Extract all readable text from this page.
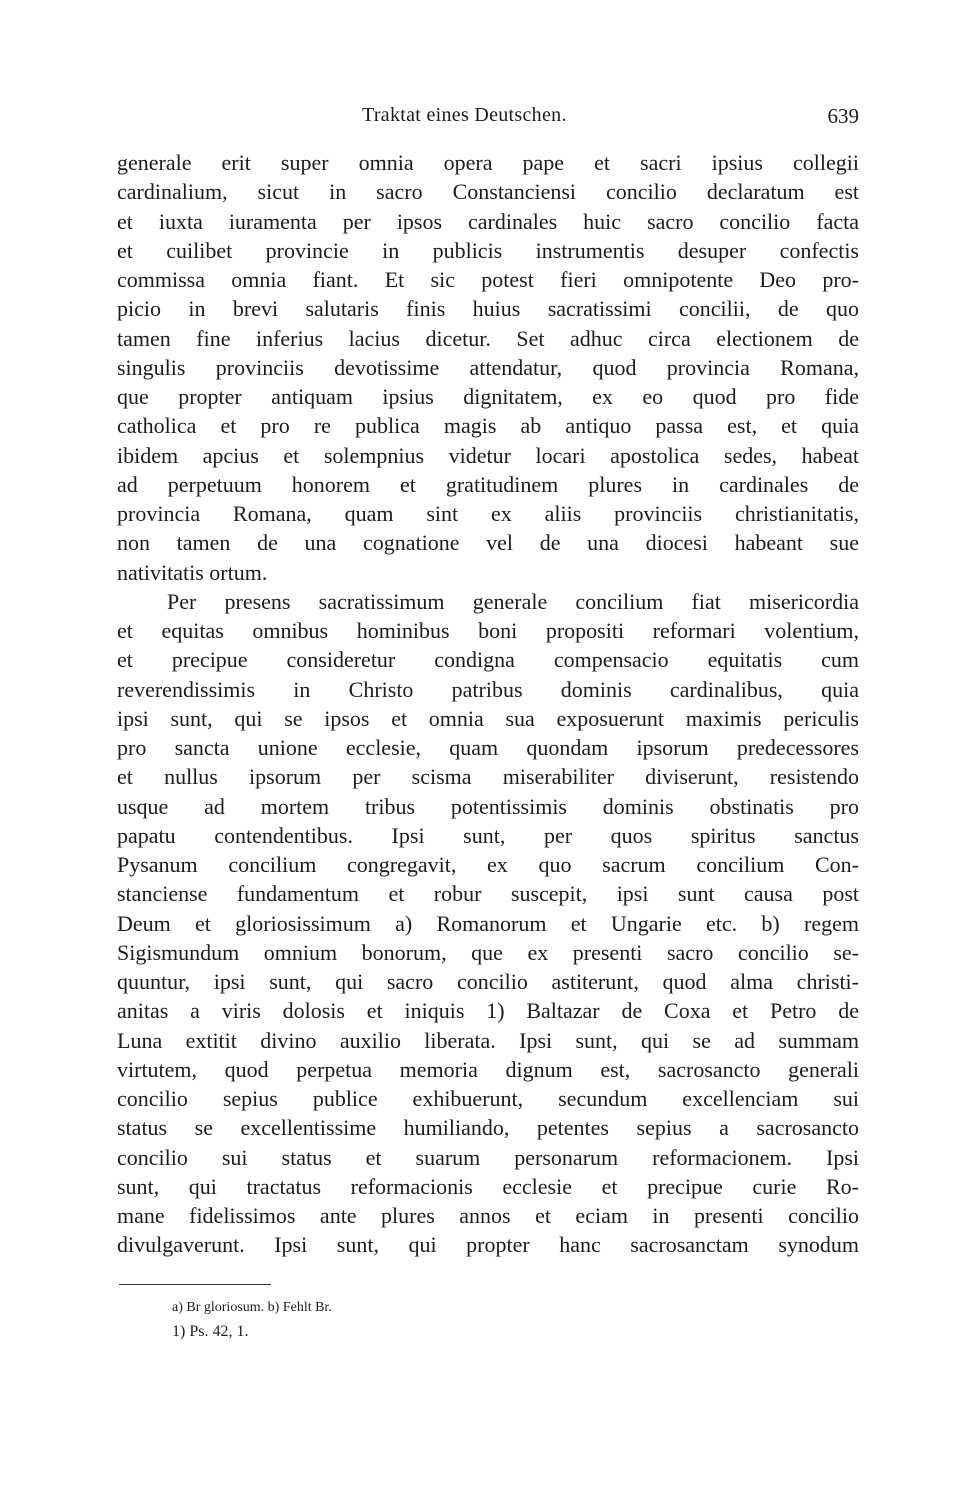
Traktat eines Deutschen.	639
generale erit super omnia opera pape et sacri ipsius collegii
cardinalium, sicut in sacro Constanciensi concilio declaratum est
et iuxta iuramenta per ipsos cardinales huic sacro concilio facta
et cuilibet provincie in publicis instrumentis desuper confectis
commissa omnia fiant. Et sic potest fieri omnipotente Deo pro-
picio in brevi salutaris finis huius sacratissimi concilii, de quo
tamen fine inferius lacius dicetur. Set adhuc circa electionem de
singulis provinciis devotissime attendatur, quod provincia Romana,
que propter antiquam ipsius dignitatem, ex eo quod pro fide
catholica et pro re publica magis ab antiquo passa est, et quia
ibidem apcius et solempnius videtur locari apostolica sedes, habeat
ad perpetuum honorem et gratitudinem plures in cardinales de
provincia Romana, quam sint ex aliis provinciis christianitatis,
non tamen de una cognatione vel de una diocesi habeant sue
nativitatis ortum.
Per presens sacratissimum generale concilium fiat misericordia
et equitas omnibus hominibus boni propositi reformari volentium,
et precipue consideretur condigna compensacio equitatis cum
reverendissimis in Christo patribus dominis cardinalibus, quia
ipsi sunt, qui se ipsos et omnia sua exposuerunt maximis periculis
pro sancta unione ecclesie, quam quondam ipsorum predecessores
et nullus ipsorum per scisma miserabiliter diviserunt, resistendo
usque ad mortem tribus potentissimis dominis obstinatis pro
papatu contendentibus. Ipsi sunt, per quos spiritus sanctus
Pysanum concilium congregavit, ex quo sacrum concilium Con-
stanciense fundamentum et robur suscepit, ipsi sunt causa post
Deum et gloriosissimum a) Romanorum et Ungarie etc. b) regem
Sigismundum omnium bonorum, que ex presenti sacro concilio se-
quuntur, ipsi sunt, qui sacro concilio astiterunt, quod alma christi-
anitas a viris dolosis et iniquis 1) Baltazar de Coxa et Petro de
Luna extitit divino auxilio liberata. Ipsi sunt, qui se ad summam
virtutem, quod perpetua memoria dignum est, sacrosancto generali
concilio sepius publice exhibuerunt, secundum excellenciam sui
status se excellentissime humiliando, petentes sepius a sacrosancto
concilio sui status et suarum personarum reformacionem. Ipsi
sunt, qui tractatus reformacionis ecclesie et precipue curie Ro-
mane fidelissimos ante plures annos et eciam in presenti concilio
divulgaverunt. Ipsi sunt, qui propter hanc sacrosanctam synodum
a) Br gloriosum. b) Fehlt Br.
1) Ps. 42, 1.
